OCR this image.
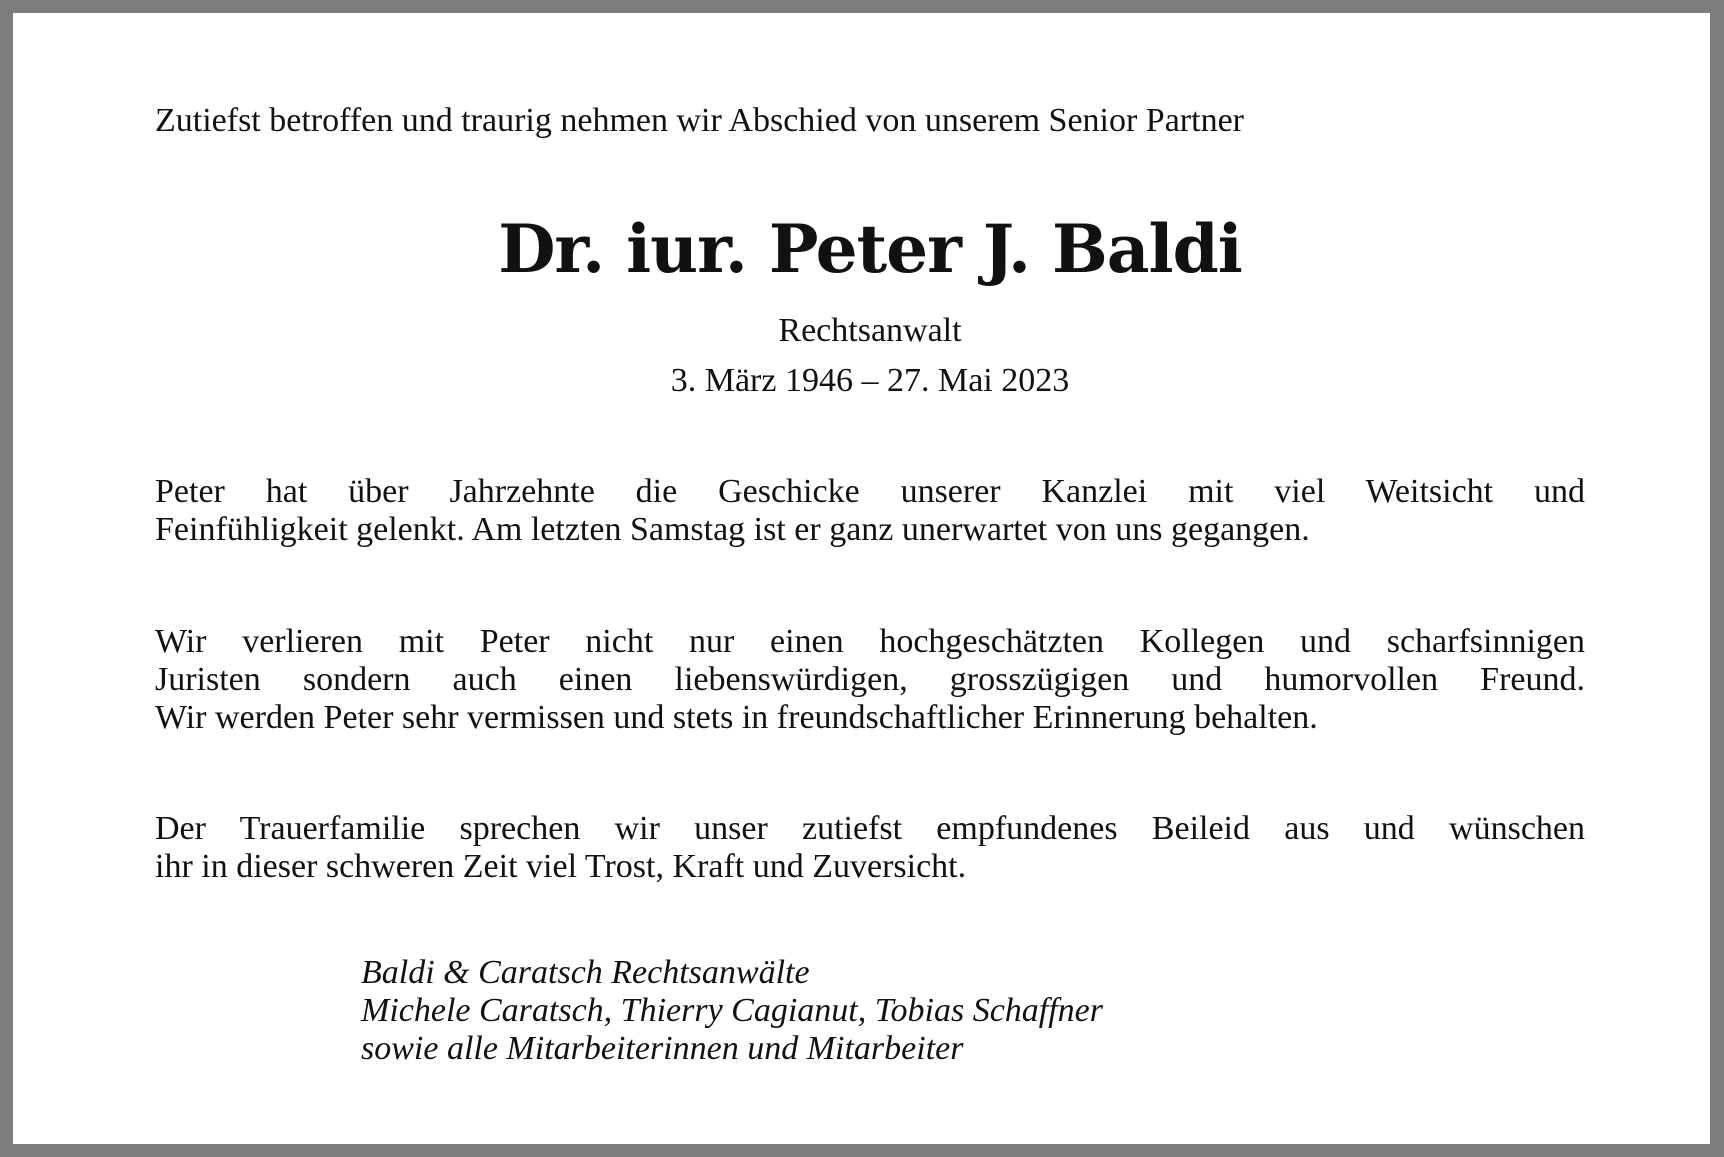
Zutiefst betroffen und traurig nehmen wir Abschied von unserem Senior Partner
Dr. iur. Peter J. Baldi
Rechtsanwalt
3. März 1946 – 27. Mai 2023
Peter hat über Jahrzehnte die Geschicke unserer Kanzlei mit viel Weitsicht und
Feinfühligkeit gelenkt. Am letzten Samstag ist er ganz unerwartet von uns gegangen.
Wir verlieren mit Peter nicht nur einen hochgeschätzten Kollegen und scharfsinnigen
Juristen sondern auch einen liebenswürdigen, grosszügigen und humorvollen Freund.
Wir werden Peter sehr vermissen und stets in freundschaftlicher Erinnerung behalten.
Der Trauerfamilie sprechen wir unser zutiefst empfundenes Beileid aus und wünschen
ihr in dieser schweren Zeit viel Trost, Kraft und Zuversicht.
Baldi & Caratsch Rechtsanwälte
Michele Caratsch, Thierry Cagianut, Tobias Schaffner
sowie alle Mitarbeiterinnen und Mitarbeiter
